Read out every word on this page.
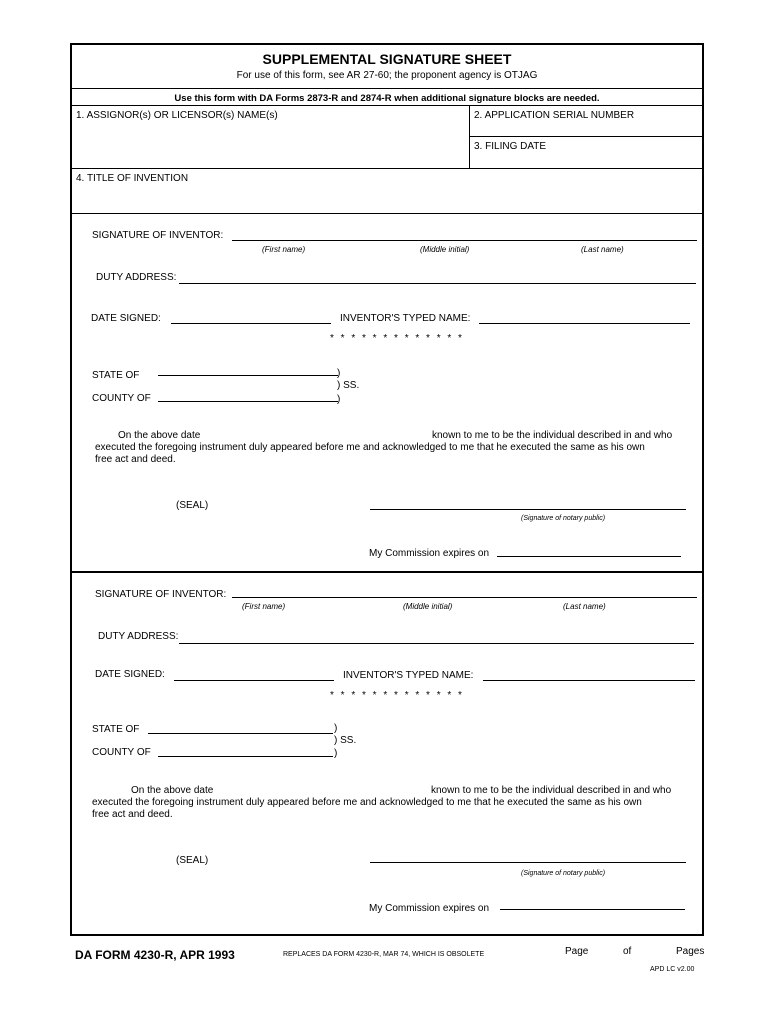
SUPPLEMENTAL SIGNATURE SHEET
For use of this form, see AR 27-60; the proponent agency is OTJAG
Use this form with DA Forms 2873-R and 2874-R when additional signature blocks are needed.
1. ASSIGNOR(s) OR LICENSOR(s) NAME(s)	2. APPLICATION SERIAL NUMBER
3. FILING DATE
4. TITLE OF INVENTION
SIGNATURE OF INVENTOR:
(First name)	(Middle initial)	(Last name)
DUTY ADDRESS:
DATE SIGNED:	INVENTOR'S TYPED NAME:
* * * * * * * * * * * * *
STATE OF	)
) SS.
COUNTY OF	)
On the above date	known to me to be the individual described in and who
executed the foregoing instrument duly appeared before me and acknowledged to me that he executed the same as his own
free act and deed.
(SEAL)
(Signature of notary public)
My Commission expires on
SIGNATURE OF INVENTOR:
(First name)	(Middle initial)	(Last name)
DUTY ADDRESS:
DATE SIGNED:	INVENTOR'S TYPED NAME:
* * * * * * * * * * * * *
STATE OF	)
) SS.
COUNTY OF	)
On the above date	known to me to be the individual described in and who
executed the foregoing instrument duly appeared before me and acknowledged to me that he executed the same as his own
free act and deed.
(SEAL)
(Signature of notary public)
My Commission expires on
DA FORM 4230-R, APR 1993	REPLACES DA FORM 4230-R, MAR 74, WHICH IS OBSOLETE	Page	of	Pages
APD LC v2.00
